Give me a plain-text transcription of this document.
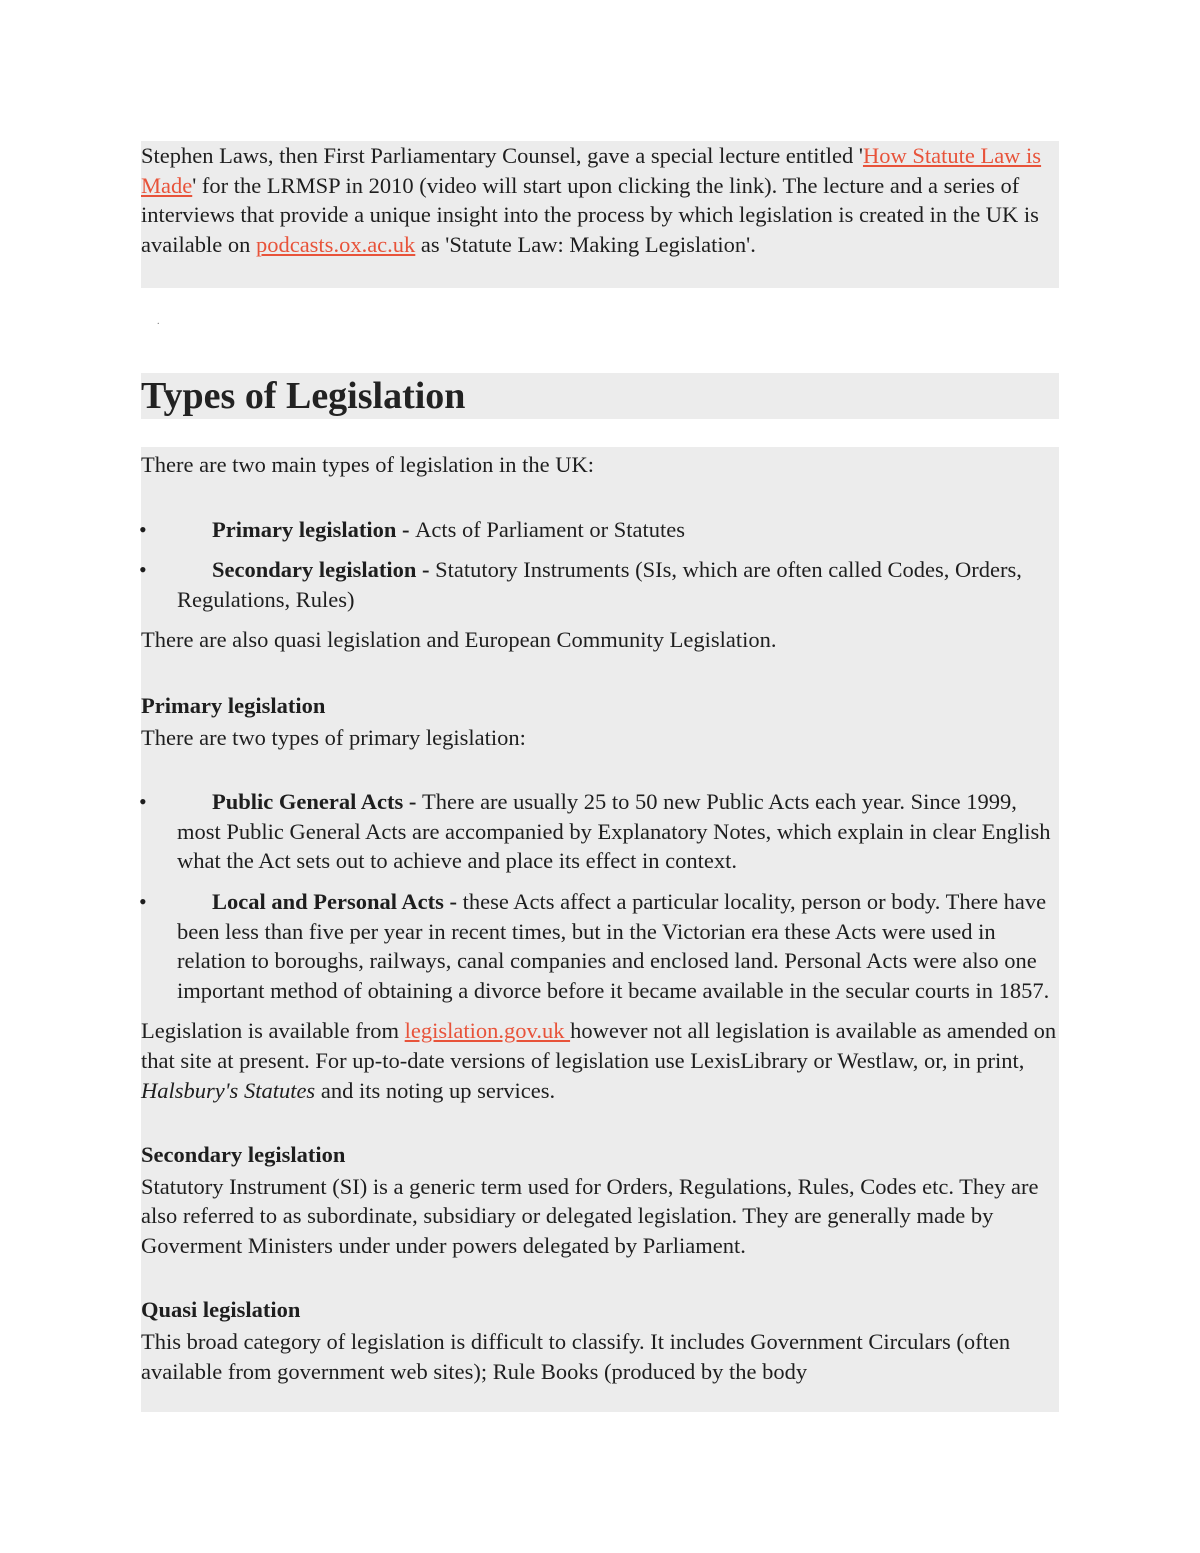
Stephen Laws, then First Parliamentary Counsel, gave a special lecture entitled 'How Statute Law is Made' for the LRMSP in 2010 (video will start upon clicking the link). The lecture and a series of interviews that provide a unique insight into the process by which legislation is created in the UK is available on podcasts.ox.ac.uk as 'Statute Law: Making Legislation'.

.
Types of Legislation

There are two main types of legislation in the UK:

•	Primary legislation - Acts of Parliament or Statutes
•	Secondary legislation - Statutory Instruments (SIs, which are often called Codes, Orders, Regulations, Rules)

There are also quasi legislation and European Community Legislation.

Primary legislation

There are two types of primary legislation:

•	Public General Acts - There are usually 25 to 50 new Public Acts each year. Since 1999, most Public General Acts are accompanied by Explanatory Notes, which explain in clear English what the Act sets out to achieve and place its effect in context.
•	Local and Personal Acts - these Acts affect a particular locality, person or body. There have been less than five per year in recent times, but in the Victorian era these Acts were used in relation to boroughs, railways, canal companies and enclosed land. Personal Acts were also one important method of obtaining a divorce before it became available in the secular courts in 1857.

Legislation is available from legislation.gov.uk however not all legislation is available as amended on that site at present. For up-to-date versions of legislation use LexisLibrary or Westlaw, or, in print, Halsbury's Statutes and its noting up services.

Secondary legislation

Statutory Instrument (SI) is a generic term used for Orders, Regulations, Rules, Codes etc. They are also referred to as subordinate, subsidiary or delegated legislation. They are generally made by Goverment Ministers under under powers delegated by Parliament.

Quasi legislation

This broad category of legislation is difficult to classify. It includes Government Circulars (often available from government web sites); Rule Books (produced by the body
